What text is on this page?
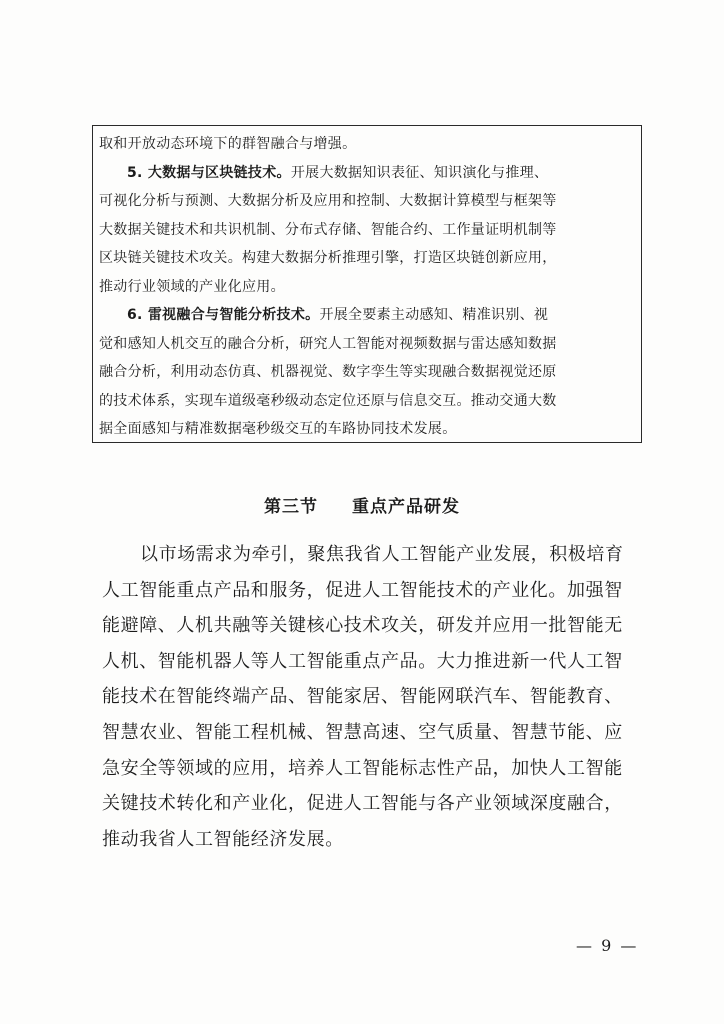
取和开放动态环境下的群智融合与增强。
5. 大数据与区块链技术。开展大数据知识表征、知识演化与推理、
可视化分析与预测、大数据分析及应用和控制、大数据计算模型与框架等
大数据关键技术和共识机制、分布式存储、智能合约、工作量证明机制等
区块链关键技术攻关。构建大数据分析推理引擎，打造区块链创新应用，
推动行业领域的产业化应用。
6. 雷视融合与智能分析技术。开展全要素主动感知、精准识别、视
觉和感知人机交互的融合分析，研究人工智能对视频数据与雷达感知数据
融合分析，利用动态仿真、机器视觉、数字孪生等实现融合数据视觉还原
的技术体系，实现车道级毫秒级动态定位还原与信息交互。推动交通大数
据全面感知与精准数据毫秒级交互的车路协同技术发展。
第三节 重点产品研发
以市场需求为牵引，聚焦我省人工智能产业发展，积极培育
人工智能重点产品和服务，促进人工智能技术的产业化。加强智
能避障、人机共融等关键核心技术攻关，研发并应用一批智能无
人机、智能机器人等人工智能重点产品。大力推进新一代人工智
能技术在智能终端产品、智能家居、智能网联汽车、智能教育、
智慧农业、智能工程机械、智慧高速、空气质量、智慧节能、应
急安全等领域的应用，培养人工智能标志性产品，加快人工智能
关键技术转化和产业化，促进人工智能与各产业领域深度融合，
推动我省人工智能经济发展。
— 9 —
